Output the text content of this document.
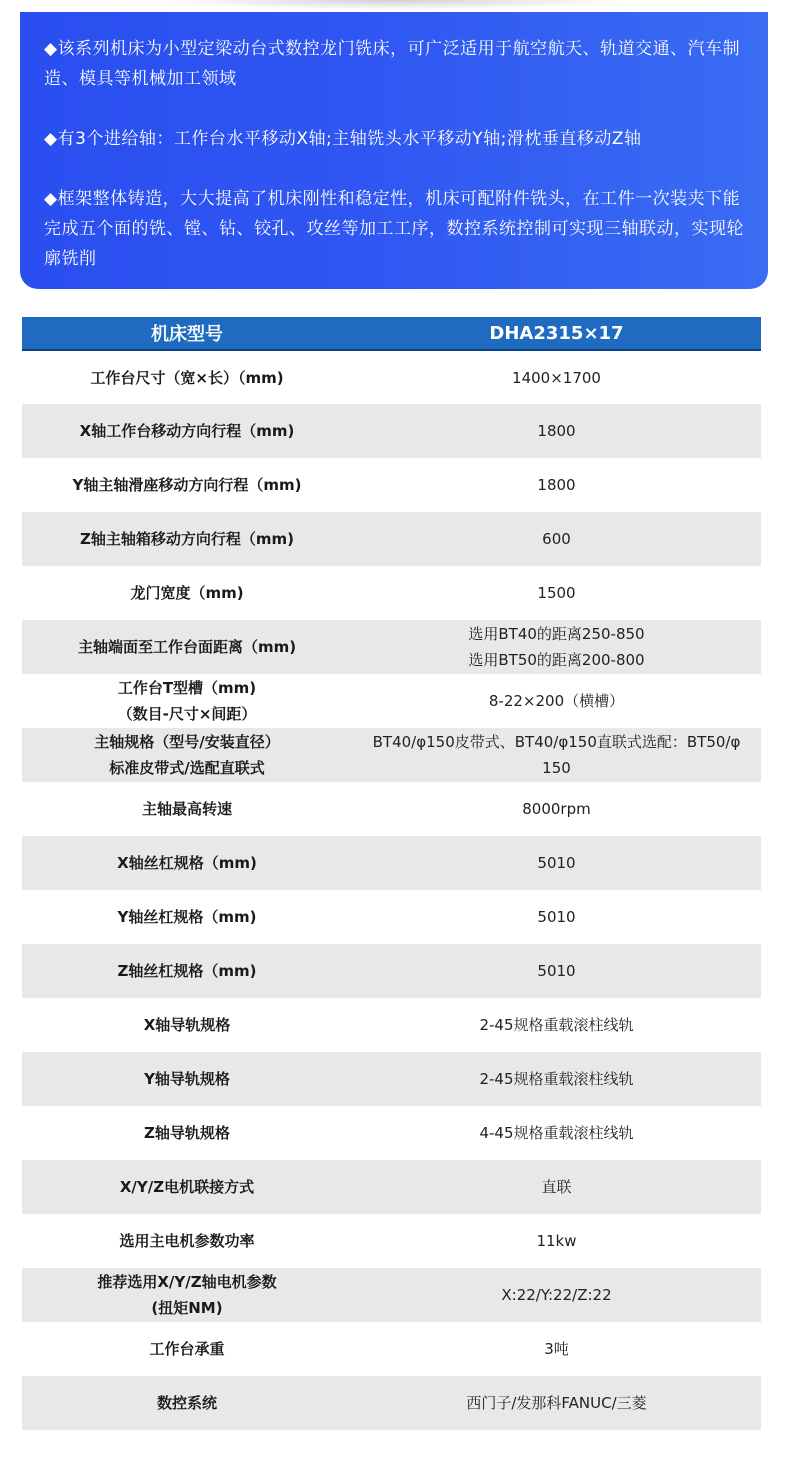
◆该系列机床为小型定梁动台式数控龙门铣床，可广泛适用于航空航天、轨道交通、汽车制造、模具等机械加工领域

◆有3个进给轴：工作台水平移动X轴;主轴铣头水平移动Y轴;滑枕垂直移动Z轴

◆框架整体铸造，大大提高了机床刚性和稳定性，机床可配附件铣头，在工件一次装夹下能完成五个面的铣、镗、钻、铰孔、攻丝等加工工序，数控系统控制可实现三轴联动，实现轮廓铣削

机床型号	DHA2315×17

工作台尺寸（宽×长）（mm)	1400×1700

X轴工作台移动方向行程（mm)	1800

Y轴主轴滑座移动方向行程（mm)	1800

Z轴主轴箱移动方向行程（mm)	600

龙门宽度（mm)	1500

主轴端面至工作台面距离（mm)	选用BT40的距离250-850
选用BT50的距离200-800

工作台T型槽（mm)
（数目-尺寸×间距）	8-22×200（横槽）

主轴规格（型号/安装直径）
标准皮带式/选配直联式	BT40/φ150皮带式、BT40/φ150直联式选配：BT50/φ
150

主轴最高转速	8000rpm

X轴丝杠规格（mm)	5010

Y轴丝杠规格（mm)	5010

Z轴丝杠规格（mm)	5010

X轴导轨规格	2-45规格重载滚柱线轨

Y轴导轨规格	2-45规格重载滚柱线轨

Z轴导轨规格	4-45规格重载滚柱线轨

X/Y/Z电机联接方式	直联

选用主电机参数功率	11kw

推荐选用X/Y/Z轴电机参数
(扭矩NM)	X:22/Y:22/Z:22

工作台承重	3吨

数控系统	西门子/发那科FANUC/三菱
